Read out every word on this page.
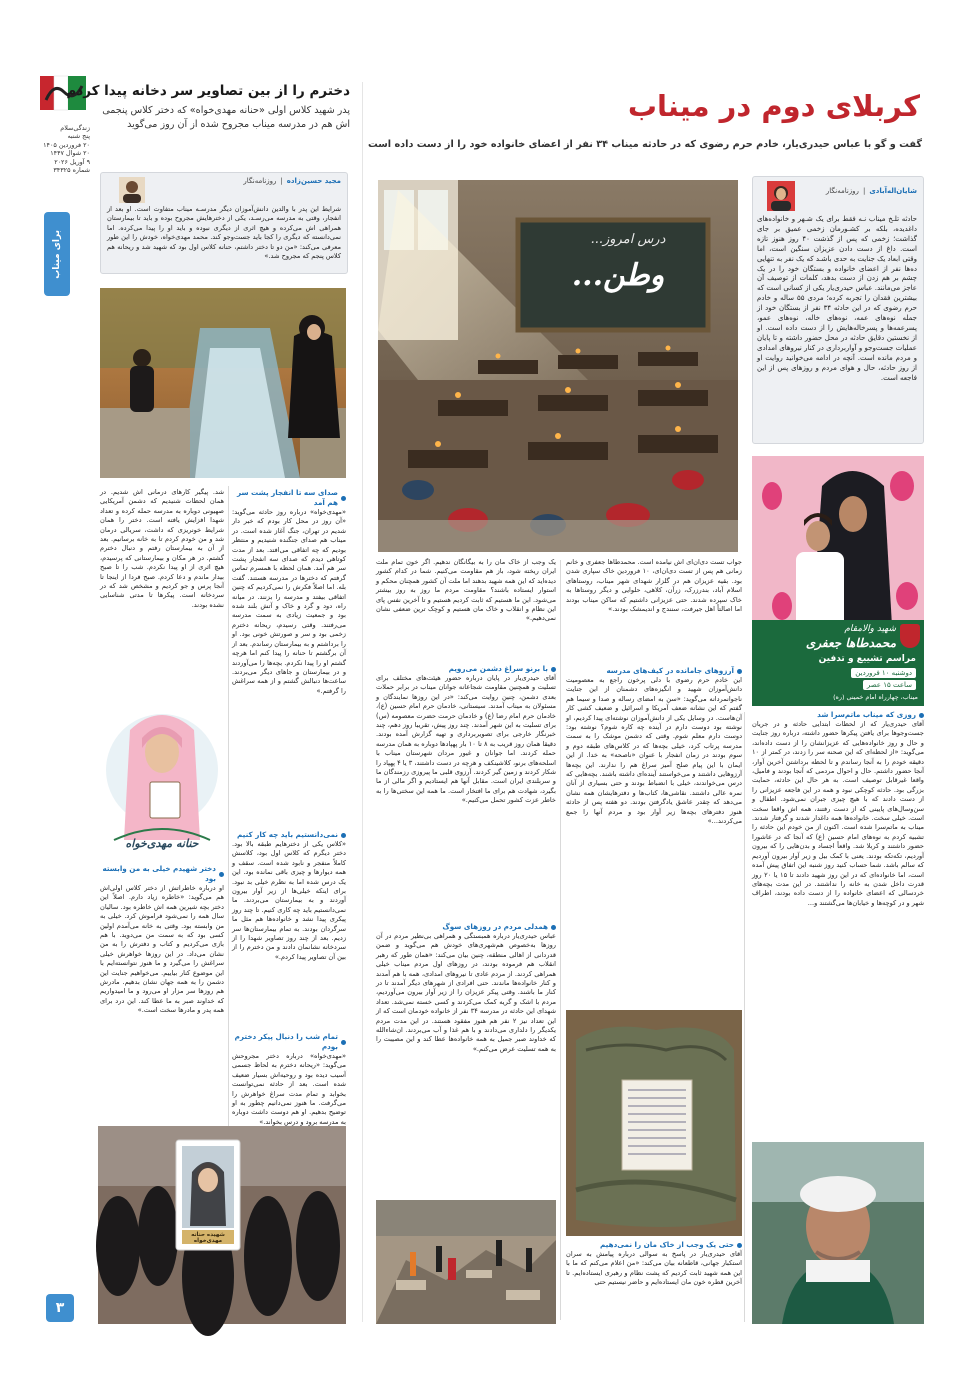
زندگی‌سلام
پنج شنبه
۲۰ فروردین ۱۴۰۵
۲۰ شوال ۱۴۴۷
۹ آوریل ۲۰۲۶
شماره ۳۴۳۲۵
برای میناب
۳
دخترم را از بین تصاویر سر دخانه پیدا کردم
پدر شهید کلاس اولی «حنانه مهدی‌خواه» که دختر کلاس پنجمی اش هم در مدرسه میناب مجروح شده از آن روز می‌گوید
مجید حسین‌زاده
|
روزنامه‌نگار
شرایط این پدر با والدین دانش‌آموزان دیگر مدرسـه میناب متفاوت است. او بعد از انفجار، وقتی به مدرسه می‌رسـد، یکی از دخترهایش مجروح بوده و باید تا بیمارستان همراهی اش می‌کرده و هیچ اثری از دیگری نبوده و باید او را پیدا می‌کرده. اما نمی‌دانسته که دیگری را کجا باید جست‌وجو کند. محمد مهدی‌خواه، خودش را این طور معرفی می‌کند: «من دو تا دختر داشتم، حنانه کلاس اول بود که شهید شد و ریحانه هم کلاس پنجم که مجروح شد.»
صدای سه تا انفجار پشت سر هم آمد
«مهدی‌خواه» درباره روز حادثه می‌گوید: «آن روز در محل کار بودم که خبر دار شدیم در تهران، جنگ آغاز شده است. در میناب هم صدای جنگنده شنیدیم و منتظر بودیم که چه اتفاقی می‌افتد. بعد از مدت کوتاهی دیدم که صدای سه انفجار پشت سر هم آمد. همان لحظه با همسرم تماس گرفتم که دخترها در مدرسه هستند. گفت بله. اما اصلاً فکرش را نمی‌کردیم که چنین اتفاقی بیفتد و مدرسه را بزنند. در میانه راه، دود و گرد و خاک و آتش بلند شده بود و جمعیت زیادی به سمت مدرسه می‌رفتند. وقتی رسیدم، ریحانه دخترم زخمی بود و سر و صورتش خونی بود. او را برداشتم و به بیمارستان رساندم. بعد از آن برگشتم تا حنانه را پیدا کنم اما هرچه گشتم او را پیدا نکردم. بچه‌ها را می‌آوردند و در بیمارستان و جاهای دیگر می‌بردند. ساعت‌ها دنبالش گشتم و از همه سراغش را گرفتم.»
نمی‌دانستیم باید چه کار کنیم
«کلاس یکی از دخترهایم طبقه بالا بود. دختر دیگرم که کلاس اول بود، کلاسش کاملاً منفجر و نابود شده است. سقف و همه دیوارها و چیزی باقی نمانده بود. این یک درس شده اما به نظرم خیلی بد نبود. برای اینکه خیلی‌ها از زیر آوار بیرون آوردند و به بیمارستان می‌بردند. ما نمی‌دانستیم باید چه کاری کنیم. تا چند روز پیکری پیدا نشد و خانواده‌ها هم مثل ما سرگردان بودند. به تمام بیمارستان‌ها سر زدیم. بعد از چند روز تصاویر شهدا را از سردخانه نشانمان دادند و من دخترم را از بین آن تصاویر پیدا کردم.»
تمام شب را دنبال پیکر دخترم بودم
«مهدی‌خواه» درباره دختر مجروحش می‌گوید: «ریحانه دخترم به لحاظ جسمی آسیب دیده بود و روحیه‌اش بسیار ضعیف شده است. بعد از حادثه نمی‌توانست بخوابد و تمام مدت سراغ خواهرش را می‌گرفت. ما هنوز نمی‌دانیم چطور به او توضیح بدهیم. او هم دوست داشت دوباره به مدرسه برود و درس بخواند.»
شد. پیگیر کارهای درمانی اش شدیم. در همان لحظات شنیدیم که دشمن آمریکایی صهیونی دوباره به مدرسه حمله کرده و تعداد شهدا افزایش یافته است. دختر را همان شرایط خونریزی که داشت، سریالی درمان شد و من خودم کردم تا به خانه برسانیم. بعد از آن به بیمارستان رفتم و دنبال دخترم گشتم. در هر مکان و بیمارستانی که پرسیدم، هیچ اثری از او پیدا نکردم. شب را تا صبح بیدار ماندم و دعا کردم. صبح فردا از اینجا تا آنجا پرس و جو کردیم و مشخص شد که در سردخانه است. پیکرها تا مدتی شناسایی نشده بودند.
حنانه مهدی‌خواه
دختر شهیدم خیلی به من وابسته بود
او درباره خاطراتش از دختر کلاس اولی‌اش هم می‌گوید: «خاطره زیاد دارم. اصلاً این دختر بچه شیرین همه اش خاطره بود. سالیان سال همه را نمی‌شود فراموش کرد. خیلی به من وابسته بود. وقتی به خانه می‌آمدم اولین کسی بود که به سمت من می‌دوید. با هم بازی می‌کردیم و کتاب و دفترش را به من نشان می‌داد. در این روزها خواهرش خیلی سراغش را می‌گیرد و ما هنوز نتوانسته‌ایم با این موضوع کنار بیاییم. می‌خواهیم جنایت این دشمن را به همه جهان نشان بدهیم. مادرش هم روزها سر مزار او می‌رود و ما امیدواریم که خداوند صبر به ما عطا کند. این درد برای همه پدر و مادرها سخت است.»
شهیده حنانه مهدی‌خواه
کربلای دوم در میناب
گفت و گو با عباس حیدری‌یار، خادم حرم رضوی که در حادثه میناب ۳۴ نفر از اعضای خانواده خود را از دست داده است
شایان‌اله‌آبادی
|
روزنامه‌نگار
حادثه تلـخ میناب نـه فقط برای یک شـهر و خانواده‌های داغدیده، بلکه بر کشـورمان زخمی عمیق بر جای گذاشت؛ زخمی که پس از گذشت ۴۰ روز هنوز تازه است. داغ از دست دادن عزیزان سنگین است، اما وقتی ابعاد یک جنایت به حدی باشـد که یک نفر به تنهایی ده‌ها نفر از اعضای خانواده و بستگان خود را در یک چشم بر هم زدن از دست بدهد، کلمات از توصیف آن عاجز می‌مانند. عباس حیدری‌یار یکی از کسانی است که بیشترین فقدان را تجربه کرده؛ مردی ۵۵ ساله و خادم حرم رضوی که در این حادثه ۳۴ نفر از بستگان خود از جمله نوه‌های عمه، نوه‌های خاله، نوه‌های عمو، پسرعمه‌ها و پسرخاله‌هایش را از دست داده است. او از نخستین دقایق حادثه در محل حضور داشته و تا پایان عملیات جست‌وجو و آواربرداری در کنار نیروهای امدادی و مردم مانده است. آنچه در ادامه می‌خوانید روایت او از روز حادثه، حال و هوای مردم و روزهای پس از این فاجعه است.
درس امروز...
وطن...
شهید والامقام
محمدطاها جعفری
مراسم تشییع و تدفین
دوشنبه ۱۰ فروردین
ساعت ۱۵ عصر
میناب، چهارراه امام خمینی (ره)
روزی که میناب ماتم‌سرا شد
آقای حیدری‌یار که از لحظات ابتدایی حادثه و در جریان جست‌وجوها برای یافتن پیکرها حضور داشته، درباره روز جنایت و حال و روز خانواده‌هایی که عزیزانشان را از دست داده‌اند، می‌گوید: «از لحظه‌ای که این صحنه سر را زدند، در کمتر از ۱۰ دقیقه خودم را به آنجا رساندم و تا لحظه برداشتن آخرین آوار، آنجا حضور داشتم. حال و احوال مردمی که آنجا بودند و فامیل، واقعا غیرقابل توصیف است. به هر حال این حادثه، حمایت بزرگی بود. حادثه کوچکی نبود و همه در این فاجعه عزیزانی را از دست دادند که با هیچ چیزی جبران نمی‌شود. اطفال و سن‌وسال‌های پایینی که از دست رفتند، همه اش واقعا سخت است. خیلی سخت. خانواده‌ها همه داغدار شدند و گرفتار شدند. میناب به ماتم‌سرا شده است. اکنون از من خودم این حادثه را تشبیه کردم به نوه‌های امام حسین (ع) که آنجا که در عاشورا حضور داشتند و کربلا شد. واقعاً اجساد و بدن‌هایی را که بیرون آوردیم، تکه‌تکه بودند. یعنی با کمک بیل و زیر آوار بیرون آوردیم که سالم باشد. شما حساب کنید روز شنبه این اتفاق پیش آمده است، اما خانواده‌ای که در این روز شهید دادند تا ۱۵ یا ۲۰ روز قدرت داخل شدن به خانه را نداشتند. در این مدت بچه‌های خردسالی که اعضای خانواده را از دست داده بودند، اطراف شهر و در کوچه‌ها و خیابان‌ها می‌گشتند و...
جواب تست دی‌ان‌ای اش نیامده است. محمدطاها جعفری و خانم زمانی هم پس از تست دی‌ان‌ای، ۱۰ فروردین خاک سپاری شدن بود. بقیه عزیزان هم در گلزار شهدای شهر میناب، روستاهای اسلام آباد، بندرزرک، زرآن، کلاهی، حلوایی و دیگر روستاها به خاک سپرده شدند. حتی عزیزانی داشتیم که ساکن میناب بودند اما اصالتاً اهل جیرفت، سنندج و اندیمشک بودند.»
آرزوهای جامانده در کیف‌های مدرسه
این خادم حرم رضوی با دلی پرخون راجع به معصومیت دانش‌آموزان شهید و انگیزه‌های دشمنان از این جنایت ناجوانمردانه می‌گوید: «سن به امضای رساله و صدا و سیما هم گفتم که این نشانه ضعف آمریکا و اسرائیل و ضعیف کشی کار آن‌هاست. در وسایل یکی از دانش‌آموزان نوشته‌ای پیدا کردیم، او نوشته بود دوست دارم در آینده چه کاره شوم؟ نوشته بود: دوست دارم معلم شوم. وقتی که دشمن موشک را به سمت مدرسه پرتاب کرد، خیلی بچه‌ها که در کلاس‌های طبقه دوم و سوم بودند در زمان انفجار با عنوان «ناصحه» به خدا. از این ایمان با این پیام صلح آمیز سراغ هم را ندارند. این بچه‌ها آرزوهایی داشتند و می‌خواستند آینده‌ای داشته باشند. بچه‌هایی که درس می‌خواندند، خیلی با انضباط بودند و حتی بسیاری از آنان نمره عالی داشتند. نقاشی‌ها، کتاب‌ها و دفترهایشان همه نشان می‌دهد که چقدر عاشق یادگرفتن بودند. دو هفته پس از حادثه هنوز دفترهای بچه‌ها زیر آوار بود و مردم آنها را جمع می‌کردند...»
حتی یک وجب از خاک مان را نمی‌دهیم
آقای حیدری‌یار در پاسخ به سوالی درباره پیامش به سران استکبار جهانی، قاطعانه بیان می‌کند: «من اعلام می‌کنم که ما با این همه شهید ثابت کردیم که پشت نظام و رهبری ایستاده‌ایم. تا آخرین قطره خون مان ایستاده‌ایم و حاضر نیستیم حتی
یک وجب از خاک مان را به بیگانگان ندهیم. اگر خون تمام ملت ایران ریخته شود، باز هم مقاومت می‌کنیم. شما در کدام کشور دیده‌اید که این همه شهید بدهند اما ملت آن کشور همچنان محکم و استوار ایستاده باشند؟ مقاومت مردم ما روز به روز بیشتر می‌شود. این ما هستیم که ثابت کردیم هستیم و تا آخرین نفس پای این نظام و انقلاب و خاک مان هستیم و کوچک ترین ضعفی نشان نمی‌دهیم.»
با برنو سراغ دشمن می‌رویم
آقای حیدری‌یار در پایان درباره حضور هیئت‌های مختلف برای تسلیت و همچنین مقاومت شجاعانه جوانان میناب در برابر حملات بعدی دشمن، چنین روایت می‌کند: «در این روزها نمایندگان و مسئولان به میناب آمدند. سیستانی، خادمان حرم امام حسین (ع)، خادمان حرم امام رضا (ع) و خادمان حرمت حضرت معصومه (س) برای تسلیت به این شهر آمدند. چند روز پیش، تقریبا روز دهم، چند خبرنگار خارجی برای تصویربرداری و تهیه گزارش آمده بودند. دقیقا همان روز قریب به ۸ تا ۱۰ بار پهپادها دوباره به همان مدرسه حمله کردند. اما جوانان و غیور مردان شهرستان میناب با اسلحه‌های برنو، کلاشینکف و هرچه در دست داشتند، ۳ یا ۴ پهپاد را شکار کردند و زمین گیر کردند. آرزوی قلبی ما پیروزی رزمندگان ما و سربلندی ایران است. مقابل آنها هم ایستادیم و اگر مالی از ما بگیرد، شهادت هم برای ما افتخار است. ما همه این سختی‌ها را به خاطر عزت کشور تحمل می‌کنیم.»
همدلی مردم در روزهای سوگ
عباس حیدری‌یار درباره همبستگی و همراهی بی‌نظیر مردم در آن روزها به‌خصوص هم‌شهری‌های خودش هم می‌گوید و ضمن قدردانی از اهالی منطقه، چنین بیان می‌کند: «همان طور که رهبر انقلاب هم فرموده بودند، در روزهای اول مردم میناب خیلی همراهی کردند. از مردم عادی تا نیروهای امدادی، همه با هم آمدند و کنار خانواده‌ها ماندند. حتی افرادی از شهرهای دیگر آمدند تا در کنار ما باشند. وقتی پیکر عزیزان را از زیر آوار بیرون می‌آوردیم، مردم با اشک و گریه کمک می‌کردند و کسی خسته نمی‌شد. تعداد شهدای این حادثه در مدرسه ۳۴ نفر از خانواده خودمان است که از این تعداد نیز ۲ نفر هم هنوز مفقود هستند. در این مدت مردم یکدیگر را دلداری می‌دادند و با هم غذا و آب می‌بردند. ان‌شاءالله که خداوند صبر جمیل به همه خانواده‌ها عطا کند و این مصیبت را به همه تسلیت عرض می‌کنم.»
